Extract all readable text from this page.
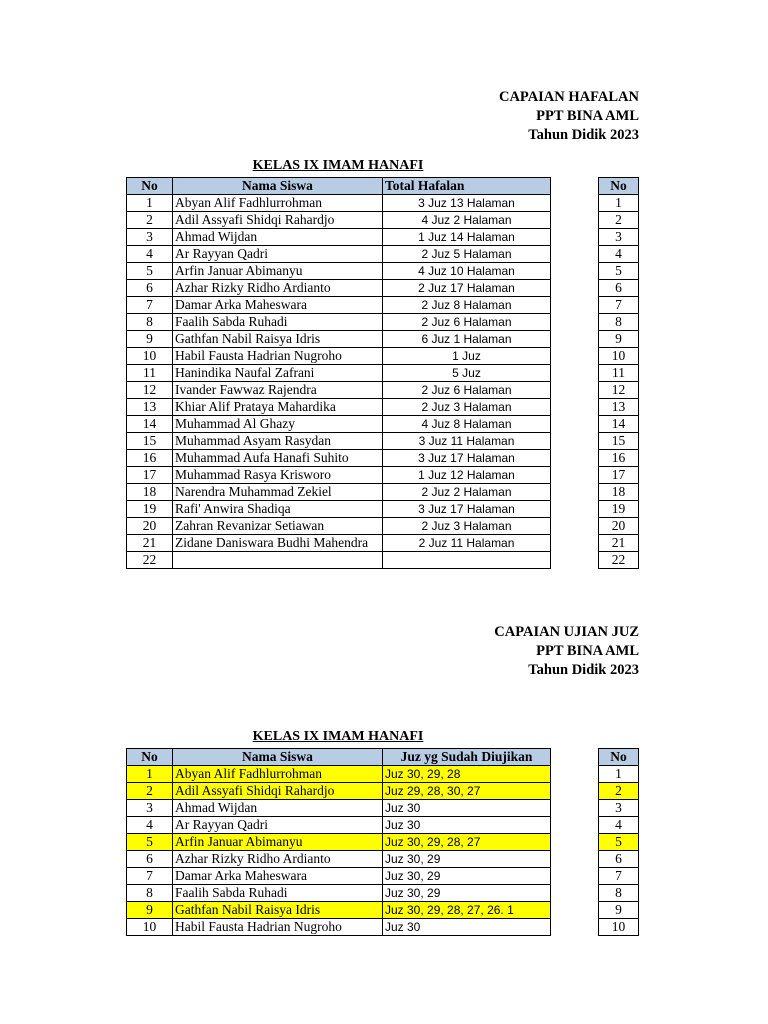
CAPAIAN HAFALAN
PPT BINA AML
Tahun Didik 2023
KELAS IX IMAM HANAFI
No	Nama Siswa	Total Hafalan
1	Abyan Alif Fadhlurrohman	3 Juz 13 Halaman
2	Adil Assyafi Shidqi Rahardjo	4 Juz 2 Halaman
3	Ahmad Wijdan	1 Juz 14 Halaman
4	Ar Rayyan Qadri	2 Juz 5 Halaman
5	Arfin Januar Abimanyu	4 Juz 10 Halaman
6	Azhar Rizky Ridho Ardianto	2 Juz 17 Halaman
7	Damar Arka Maheswara	2 Juz 8 Halaman
8	Faalih Sabda Ruhadi	2 Juz 6 Halaman
9	Gathfan Nabil Raisya Idris	6 Juz 1 Halaman
10	Habil Fausta Hadrian Nugroho	1 Juz
11	Hanindika Naufal Zafrani	5 Juz
12	Ivander Fawwaz Rajendra	2 Juz 6 Halaman
13	Khiar Alif Prataya Mahardika	2 Juz 3 Halaman
14	Muhammad Al Ghazy	4 Juz 8 Halaman
15	Muhammad Asyam Rasydan	3 Juz 11 Halaman
16	Muhammad Aufa Hanafi Suhito	3 Juz 17 Halaman
17	Muhammad Rasya Krisworo	1 Juz 12 Halaman
18	Narendra Muhammad Zekiel	2 Juz 2 Halaman
19	Rafi' Anwira Shadiqa	3 Juz 17 Halaman
20	Zahran Revanizar Setiawan	2 Juz 3 Halaman
21	Zidane Daniswara Budhi Mahendra	2 Juz 11 Halaman
22		
No
1
2
3
4
5
6
7
8
9
10
11
12
13
14
15
16
17
18
19
20
21
22
CAPAIAN UJIAN JUZ
PPT BINA AML
Tahun Didik 2023
KELAS IX IMAM HANAFI
No	Nama Siswa	Juz yg Sudah Diujikan
1	Abyan Alif Fadhlurrohman	Juz 30, 29, 28
2	Adil Assyafi Shidqi Rahardjo	Juz 29, 28, 30, 27
3	Ahmad Wijdan	Juz 30
4	Ar Rayyan Qadri	Juz 30
5	Arfin Januar Abimanyu	Juz 30, 29, 28, 27
6	Azhar Rizky Ridho Ardianto	Juz 30, 29
7	Damar Arka Maheswara	Juz 30, 29
8	Faalih Sabda Ruhadi	Juz 30, 29
9	Gathfan Nabil Raisya Idris	Juz 30, 29, 28, 27, 26. 1
10	Habil Fausta Hadrian Nugroho	Juz 30
No
1
2
3
4
5
6
7
8
9
10
